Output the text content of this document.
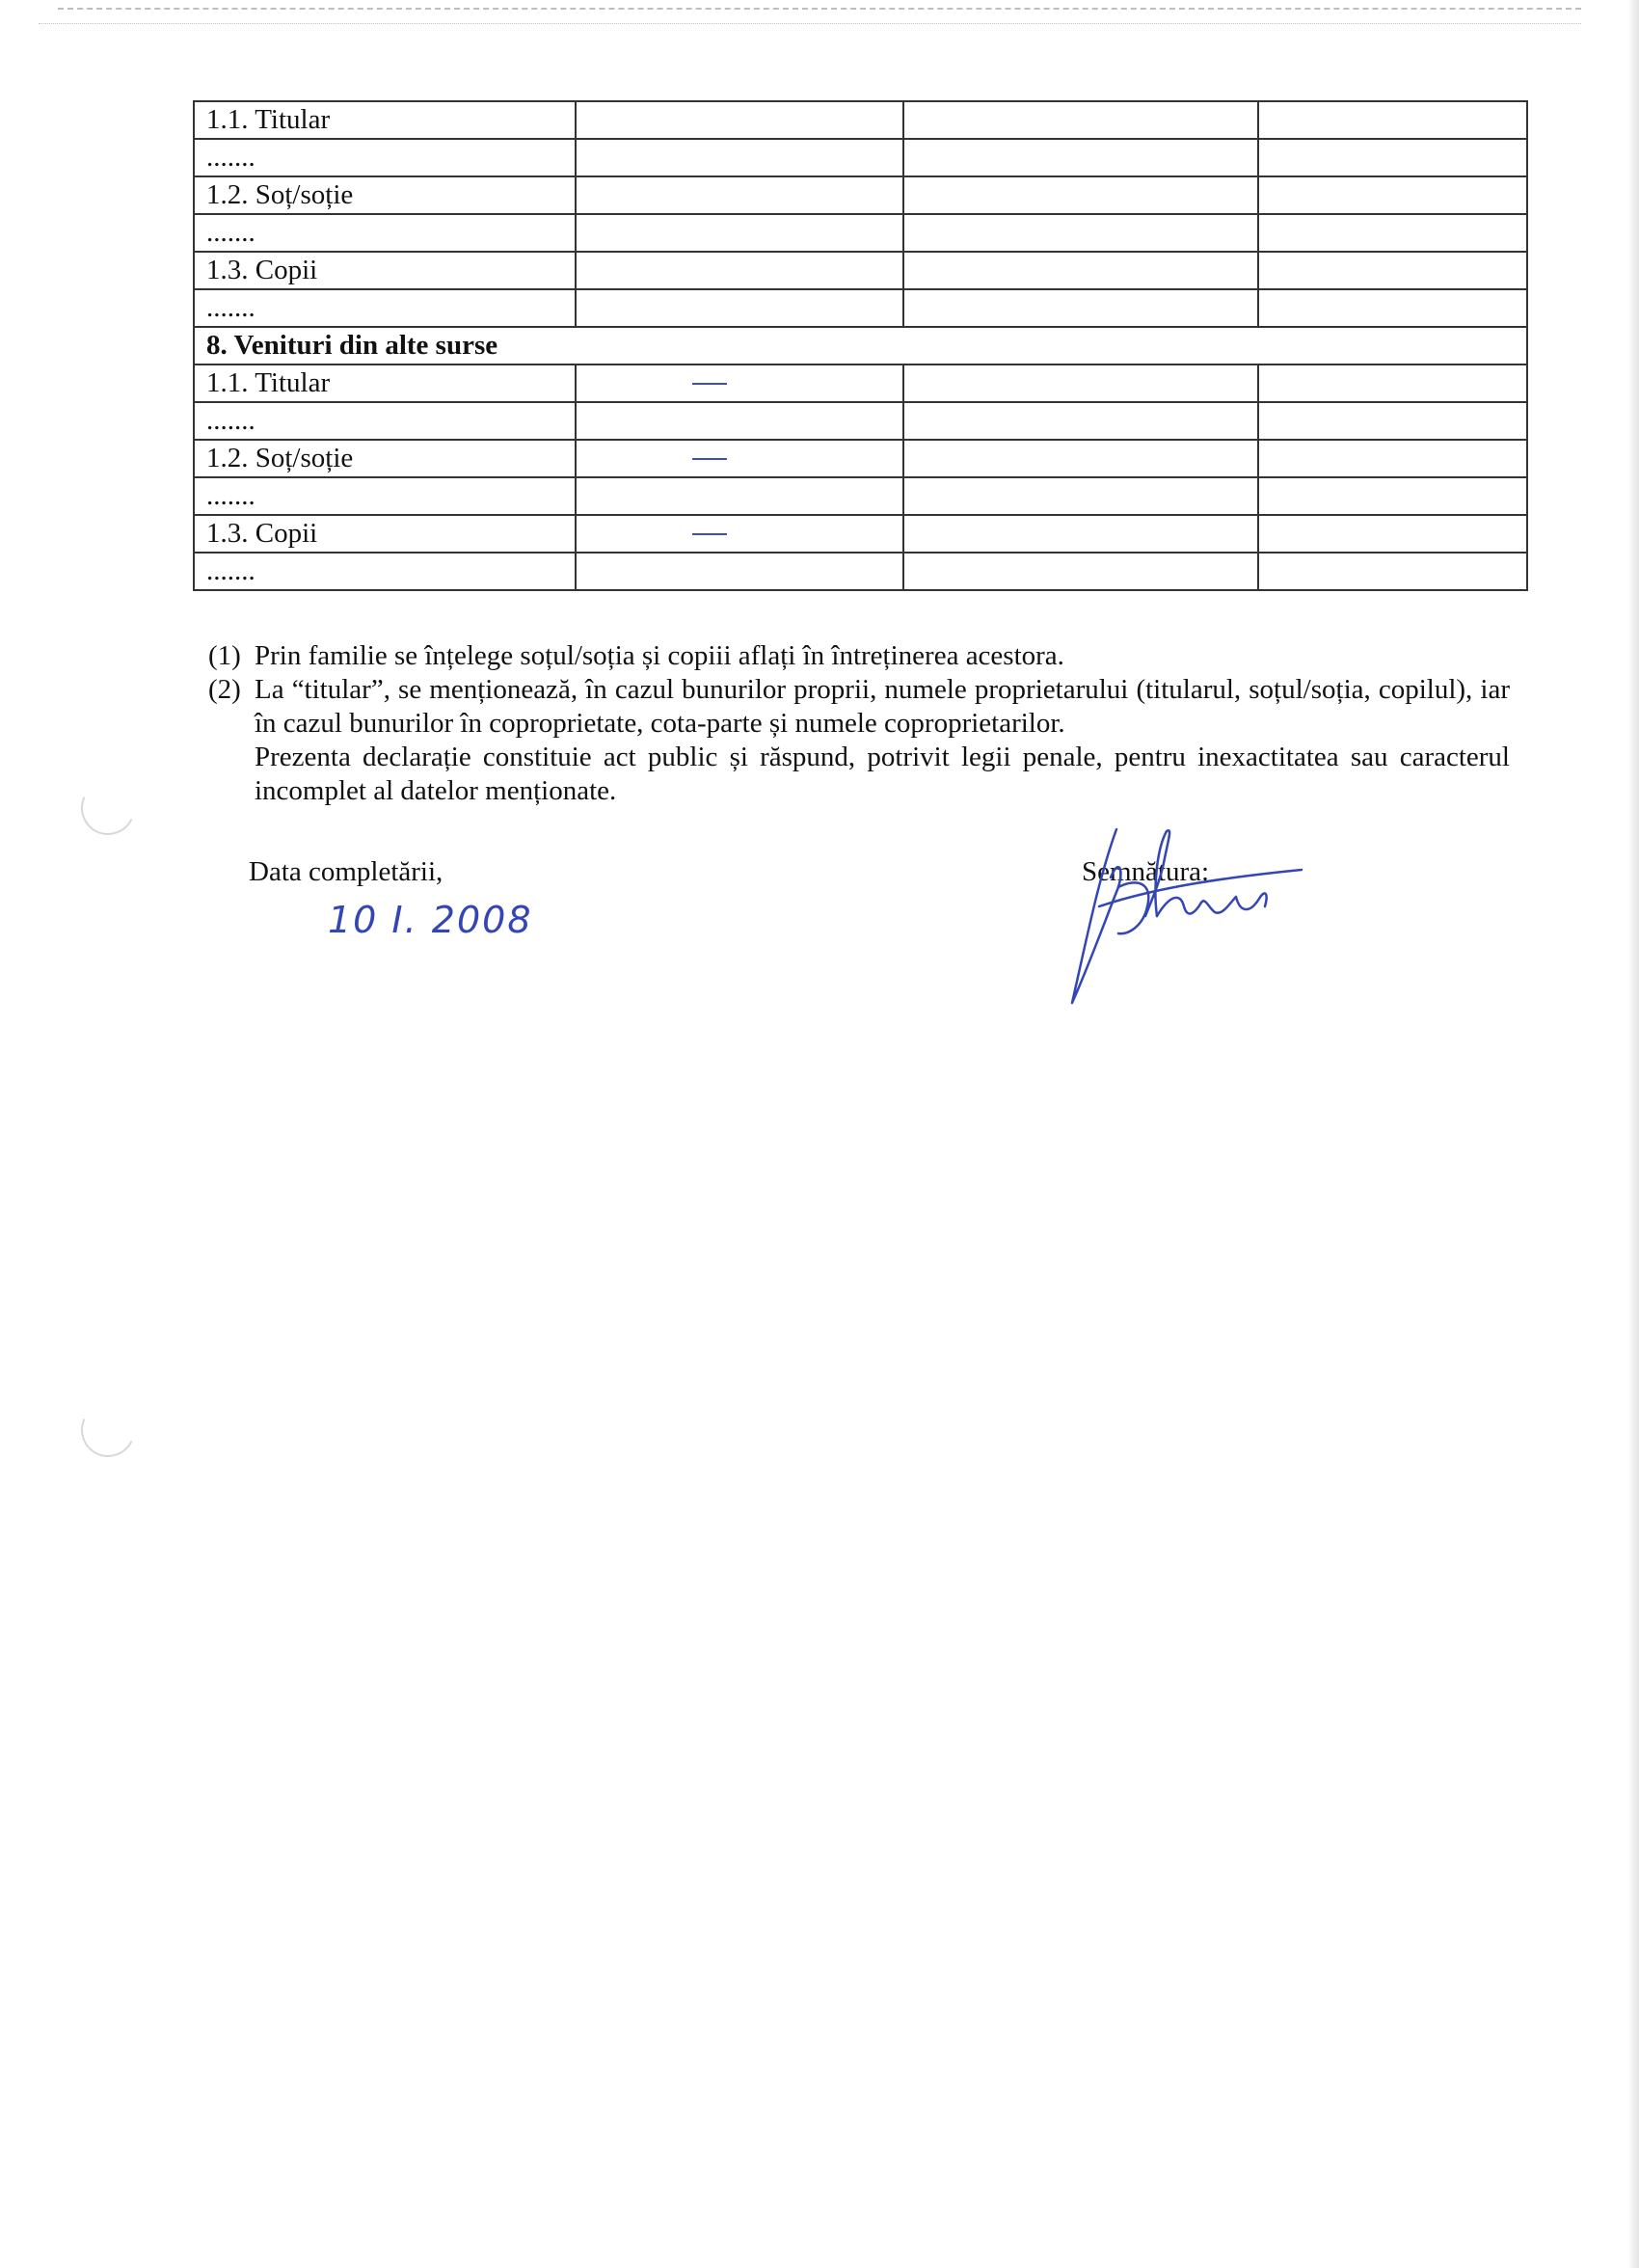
1.1. Titular			
.......			
1.2. Soț/soție			
.......			
1.3. Copii			
.......			
8. Venituri din alte surse			
1.1. Titular	

.......			
1.2. Soț/soție	

.......			
1.3. Copii	

.......			
(1) Prin familie se înțelege soțul/soția și copiii aflați în întreținerea acestora.
(2) La “titular”, se menționează, în cazul bunurilor proprii, numele proprietarului (titularul, soțul/soția, copilul), iar în cazul bunurilor în coproprietate, cota-parte și numele coproprietarilor.
Prezenta declarație constituie act public și răspund, potrivit legii penale, pentru inexactitatea sau caracterul incomplet al datelor menționate.
Data completării,
10 I. 2008
Semnătura:
